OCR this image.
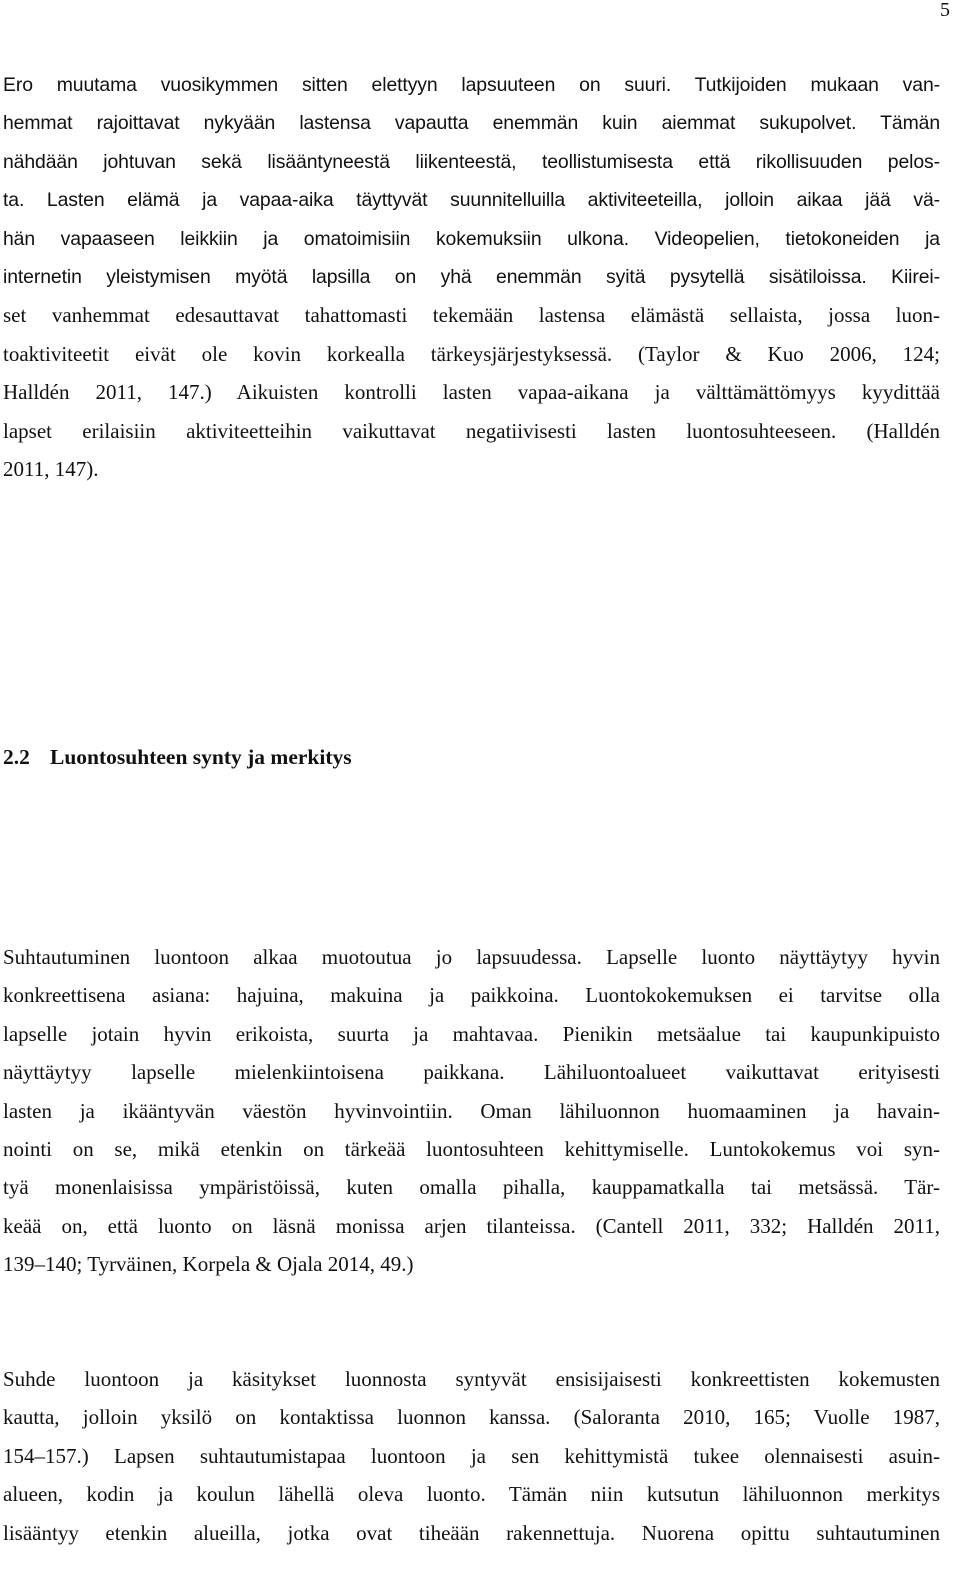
5

Ero muutama vuosikymmen sitten elettyyn lapsuuteen on suuri. Tutkijoiden mukaan van-
hemmat rajoittavat nykyään lastensa vapautta enemmän kuin aiemmat sukupolvet. Tämän
nähdään johtuvan sekä lisääntyneestä liikenteestä, teollistumisesta että rikollisuuden pelos-
ta. Lasten elämä ja vapaa-aika täyttyvät suunnitelluilla aktiviteeteilla, jolloin aikaa jää vä-
hän vapaaseen leikkiin ja omatoimisiin kokemuksiin ulkona. Videopelien, tietokoneiden ja
internetin yleistymisen myötä lapsilla on yhä enemmän syitä pysytellä sisätiloissa. Kiirei-
set vanhemmat edesauttavat tahattomasti tekemään lastensa elämästä sellaista, jossa luon-
toaktiviteetit eivät ole kovin korkealla tärkeysjärjestyksessä. (Taylor & Kuo 2006, 124;
Halldén 2011, 147.) Aikuisten kontrolli lasten vapaa-aikana ja välttämättömyys kyydittää
lapset erilaisiin aktiviteetteihin vaikuttavat negatiivisesti lasten luontosuhteeseen. (Halldén
2011, 147).
2.2 Luontosuhteen synty ja merkitys
Suhtautuminen luontoon alkaa muotoutua jo lapsuudessa. Lapselle luonto näyttäytyy hyvin
konkreettisena asiana: hajuina, makuina ja paikkoina. Luontokokemuksen ei tarvitse olla
lapselle jotain hyvin erikoista, suurta ja mahtavaa. Pienikin metsäalue tai kaupunkipuisto
näyttäytyy lapselle mielenkiintoisena paikkana. Lähiluontoalueet vaikuttavat erityisesti
lasten ja ikääntyvän väestön hyvinvointiin. Oman lähiluonnon huomaaminen ja havain-
nointi on se, mikä etenkin on tärkeää luontosuhteen kehittymiselle. Luntokokemus voi syn-
tyä monenlaisissa ympäristöissä, kuten omalla pihalla, kauppamatkalla tai metsässä. Tär-
keää on, että luonto on läsnä monissa arjen tilanteissa. (Cantell 2011, 332; Halldén 2011,
139–140; Tyrväinen, Korpela & Ojala 2014, 49.)
Suhde luontoon ja käsitykset luonnosta syntyvät ensisijaisesti konkreettisten kokemusten
kautta, jolloin yksilö on kontaktissa luonnon kanssa. (Saloranta 2010, 165; Vuolle 1987,
154–157.) Lapsen suhtautumistapaa luontoon ja sen kehittymistä tukee olennaisesti asuin-
alueen, kodin ja koulun lähellä oleva luonto. Tämän niin kutsutun lähiluonnon merkitys
lisääntyy etenkin alueilla, jotka ovat tiheään rakennettuja. Nuorena opittu suhtautuminen
